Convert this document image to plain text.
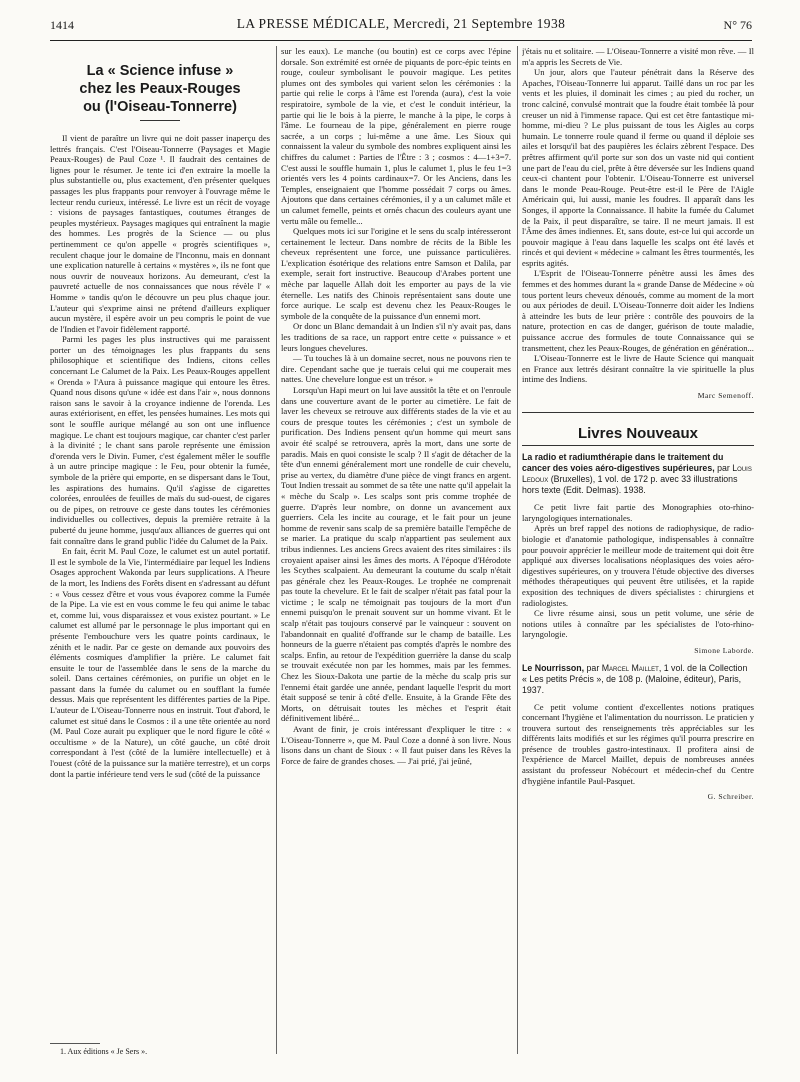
1414	LA PRESSE MÉDICALE, Mercredi, 21 Septembre 1938	N° 76
La « Science infuse »
chez les Peaux-Rouges
ou (l'Oiseau-Tonnerre)

Il vient de paraître un livre qui ne doit passer inaperçu des lettrés français. C'est l'Oiseau-Tonnerre (Paysages et Magie Peaux-Rouges) de Paul Coze ¹. Il faudrait des centaines de lignes pour le résumer. Je tente ici d'en extraire la moelle la plus substantielle ou, plus exactement, d'en présenter quelques passages les plus frappants pour renvoyer à l'ouvrage même le lecteur rendu curieux, intéressé. Le livre est un récit de voyage : visions de paysages fantastiques, coutumes étranges de peuples mystérieux. Paysages magiques qui entraînent la magie des hommes. Les progrès de la Science — ou plus pertinemment ce qu'on appelle « progrès scientifiques », reculent chaque jour le domaine de l'Inconnu, mais en donnant une explication naturelle à certains « mystères », ils ne font que nous ouvrir de nouveaux horizons. Au demeurant, c'est la pauvreté actuelle de nos connaissances que nous révèle l' « Homme » tandis qu'on le découvre un peu plus chaque jour. L'auteur qui s'exprime ainsi ne prétend d'ailleurs expliquer aucun mystère, il espère avoir un peu compris le point de vue de l'Indien et l'avoir fidèlement rapporté.

Parmi les pages les plus instructives qui me paraissent porter un des témoignages les plus frappants du sens philosophique et scientifique des Indiens, citons celles concernant Le Calumet de la Paix. Les Peaux-Rouges appellent « Orenda » l'Aura à puissance magique qui entoure les êtres. Quand nous disons qu'une « idée est dans l'air », nous donnons raison sans le savoir à la croyance indienne de l'orenda. Les auras extériorisent, en effet, les pensées humaines. Les mots qui sont le souffle aurique mélangé au son ont une influence magique. Le chant est toujours magique, car chanter c'est parler à la divinité ; le chant sans parole représente une émission d'orenda vers le Divin. Fumer, c'est également mêler le souffle à un autre principe magique : le Feu, pour obtenir la fumée, symbole de la prière qui emporte, en se dispersant dans le Tout, les aspirations des humains. Qu'il s'agisse de cigarettes colorées, enroulées de feuilles de maïs du sud-ouest, de cigares ou de pipes, on retrouve ce geste dans toutes les cérémonies individuelles ou collectives, depuis la première retraite à la puberté du jeune homme, jusqu'aux alliances de guerres qui ont fait connaître dans le grand public l'idée du Calumet de la Paix.

En fait, écrit M. Paul Coze, le calumet est un autel portatif. Il est le symbole de la Vie, l'intermédiaire par lequel les Indiens Osages approchent Wakonda par leurs supplications. A l'heure de la mort, les Indiens des Forêts disent en s'adressant au défunt : « Vous cessez d'être et vous vous évaporez comme la Fumée de la Pipe. La vie est en vous comme le feu qui anime le tabac et, comme lui, vous disparaissez et vous existez pourtant. » Le calumet est allumé par le personnage le plus important qui en présente l'embouchure vers les quatre points cardinaux, le zénith et le nadir. Par ce geste on demande aux pouvoirs des éléments cosmiques d'amplifier la prière. Le calumet fait ensuite le tour de l'assemblée dans le sens de la marche du soleil. Dans certaines cérémonies, on purifie un objet en le passant dans la fumée du calumet ou en soufflant la fumée dessus. Mais que représentent les différentes parties de la Pipe. L'auteur de L'Oiseau-Tonnerre nous en instruit. Tout d'abord, le calumet est situé dans le Cosmos : il a une tête orientée au nord (M. Paul Coze aurait pu expliquer que le nord figure le côté « occultisme » de la Nature), un côté gauche, un côté droit correspondant à l'est (côté de la lumière intellectuelle) et à l'ouest (côté de la puissance sur la matière terrestre), et un corps dont la partie inférieure tend vers le sud (côté de la puissance

sur les eaux). Le manche (ou boutin) est ce corps avec l'épine dorsale. Son extrémité est ornée de piquants de porc-épic teints en rouge, couleur symbolisant le pouvoir magique. Les petites plumes ont des symboles qui varient selon les cérémonies : la partie qui relie le corps à l'âme est l'orenda (aura), c'est la voie respiratoire, symbole de la vie, et c'est le conduit intérieur, la partie qui lie le bois à la pierre, le manche à la pipe, le corps à l'âme. Le fourneau de la pipe, généralement en pierre rouge sacrée, a un corps ; lui-même a une âme. Les Sioux qui connaissent la valeur du symbole des nombres expliquent ainsi les chiffres du calumet : Parties de l'Être : 3 ; cosmos : 4—1+3=7. C'est aussi le souffle humain 1, plus le calumet 1, plus le feu 1=3 orientés vers les 4 points cardinaux=7. Or les Anciens, dans les Temples, enseignaient que l'homme possédait 7 corps ou âmes. Ajoutons que dans certaines cérémonies, il y a un calumet mâle et un calumet femelle, peints et ornés chacun des couleurs ayant une vertu mâle ou femelle...

Quelques mots ici sur l'origine et le sens du scalp intéresseront certainement le lecteur. Dans nombre de récits de la Bible les cheveux représentent une force, une puissance particulières. L'explication ésotérique des relations entre Samson et Dalila, par exemple, serait fort instructive. Beaucoup d'Arabes portent une mèche par laquelle Allah doit les emporter au pays de la vie éternelle. Les natifs des Chinois représentaient sans doute une force aurique. Le scalp est devenu chez les Peaux-Rouges le symbole de la conquête de la puissance d'un ennemi mort.

Or donc un Blanc demandait à un Indien s'il n'y avait pas, dans les traditions de sa race, un rapport entre cette « puissance » et leurs longues chevelures.

— Tu touches là à un domaine secret, nous ne pouvons rien te dire. Cependant sache que je tuerais celui qui me couperait mes nattes. Une chevelure longue est un trésor. »

Lorsqu'un Hapi meurt on lui lave aussitôt la tête et on l'enroule dans une couverture avant de le porter au cimetière. Le fait de laver les cheveux se retrouve aux différents stades de la vie et au cours de presque toutes les cérémonies ; c'est un symbole de purification. Des Indiens pensent qu'un homme qui meurt sans avoir été scalpé se retrouvera, après la mort, dans une sorte de paradis. Mais en quoi consiste le scalp ? Il s'agit de détacher de la tête d'un ennemi généralement mort une rondelle de cuir chevelu, prise au vertex, du diamètre d'une pièce de vingt francs en argent. Tout Indien tressait au sommet de sa tête une natte qu'il appelait la « mèche du Scalp ». Les scalps sont pris comme trophée de guerre. D'après leur nombre, on donne un avancement aux guerriers. Cela les incite au courage, et le fait pour un jeune homme de revenir sans scalp de sa première bataille l'empêche de se marier. La pratique du scalp n'appartient pas seulement aux tribus indiennes. Les anciens Grecs avaient des rites similaires : ils croyaient apaiser ainsi les âmes des morts. A l'époque d'Hérodote les Scythes scalpaient. Au demeurant la coutume du scalp n'était pas générale chez les Peaux-Rouges. Le trophée ne comprenait pas toute la chevelure. Et le fait de scalper n'était pas fatal pour la victime ; le scalp ne témoignait pas toujours de la mort d'un ennemi puisqu'on le prenait souvent sur un homme vivant. Et le scalp n'était pas toujours conservé par le vainqueur : souvent on l'abandonnait en qualité d'offrande sur le champ de bataille. Les honneurs de la guerre n'étaient pas comptés d'après le nombre des scalps. Enfin, au retour de l'expédition guerrière la danse du scalp se trouvait exécutée non par les hommes, mais par les femmes. Chez les Sioux-Dakota une partie de la mèche du scalp pris sur l'ennemi était gardée une année, pendant laquelle l'esprit du mort était supposé se tenir à côté d'elle. Ensuite, à la Grande Fête des Morts, on détruisait toutes les mèches et l'esprit était définitivement libéré...

Avant de finir, je crois intéressant d'expliquer le titre : « L'Oiseau-Tonnerre », que M. Paul Coze a donné à son livre. Nous lisons dans un chant de Sioux : « Il faut puiser dans les Rêves la Force de faire de grandes choses. — J'ai prié, j'ai jeûné,

j'étais nu et solitaire. — L'Oiseau-Tonnerre a visité mon rêve. — Il m'a appris les Secrets de Vie.

Un jour, alors que l'auteur pénétrait dans la Réserve des Apaches, l'Oiseau-Tonnerre lui apparut. Taillé dans un roc par les vents et les pluies, il dominait les cimes ; au pied du rocher, un tronc calciné, convulsé montrait que la foudre était tombée là pour creuser un nid à l'immense rapace. Qui est cet être fantastique mi-homme, mi-dieu ? Le plus puissant de tous les Aigles au corps humain. Le tonnerre roule quand il ferme ou quand il déploie ses ailes et lorsqu'il bat des paupières les éclairs zèbrent l'espace. Des prêtres affirment qu'il porte sur son dos un vaste nid qui contient une part de l'eau du ciel, prête à être déversée sur les Indiens quand ceux-ci chantent pour l'obtenir. L'Oiseau-Tonnerre est universel dans le monde Peau-Rouge. Peut-être est-il le Père de l'Aigle Américain qui, lui aussi, manie les foudres. Il apparaît dans les Songes, il apporte la Connaissance. Il habite la fumée du Calumet de la Paix, il peut disparaître, se taire. Il ne meurt jamais. Il est l'Âme des âmes indiennes. Et, sans doute, est-ce lui qui accorde un pouvoir magique à l'eau dans laquelle les scalps ont été lavés et rincés et qui devient « médecine » calmant les êtres tourmentés, les esprits agités.

L'Esprit de l'Oiseau-Tonnerre pénètre aussi les âmes des femmes et des hommes durant la « grande Danse de Médecine » où tous portent leurs cheveux dénoués, comme au moment de la mort ou aux périodes de deuil. L'Oiseau-Tonnerre doit aider les Indiens à atteindre les buts de leur prière : contrôle des pouvoirs de la nature, protection en cas de danger, guérison de toute maladie, puissance accrue des formules de toute Connaissance qui se transmettent, chez les Peaux-Rouges, de génération en génération...

L'Oiseau-Tonnerre est le livre de Haute Science qui manquait en France aux lettrés désirant connaître la vie spirituelle la plus intime des Indiens.

Marc Semenoff.
Livres Nouveaux
La radio et radiumthérapie dans le traitement du cancer des voies aéro-digestives supérieures, par Louis Ledoux (Bruxelles), 1 vol. de 172 p. avec 33 illustrations hors texte (Edit. Delmas). 1938.

Ce petit livre fait partie des Monographies oto-rhino-laryngologiques internationales.

Après un bref rappel des notions de radiophysique, de radio-biologie et d'anatomie pathologique, indispensables à connaître pour pouvoir apprécier le meilleur mode de traitement qui doit être appliqué aux diverses localisations néoplasiques des voies aéro-digestives supérieures, on y trouvera l'étude objective des diverses méthodes thérapeutiques qui peuvent être utilisées, et la rapide exposition des techniques de divers spécialistes : chirurgiens et radiologistes.

Ce livre résume ainsi, sous un petit volume, une série de notions utiles à connaître par les spécialistes de l'oto-rhino-laryngologie.

Simone Laborde.
Le Nourrisson, par Marcel Maillet, 1 vol. de la Collection « Les petits Précis », de 108 p. (Maloine, éditeur), Paris, 1937.

Ce petit volume contient d'excellentes notions pratiques concernant l'hygiène et l'alimentation du nourrisson. Le praticien y trouvera surtout des renseignements très appréciables sur les différents laits modifiés et sur les régimes qu'il pourra prescrire en présence de troubles gastro-intestinaux. Il profitera ainsi de l'expérience de Marcel Maillet, depuis de nombreuses années assistant du professeur Nobécourt et médecin-chef du Centre d'hygiène infantile Paul-Pasquet.

G. Schreiber.
1. Aux éditions « Je Sers ».
